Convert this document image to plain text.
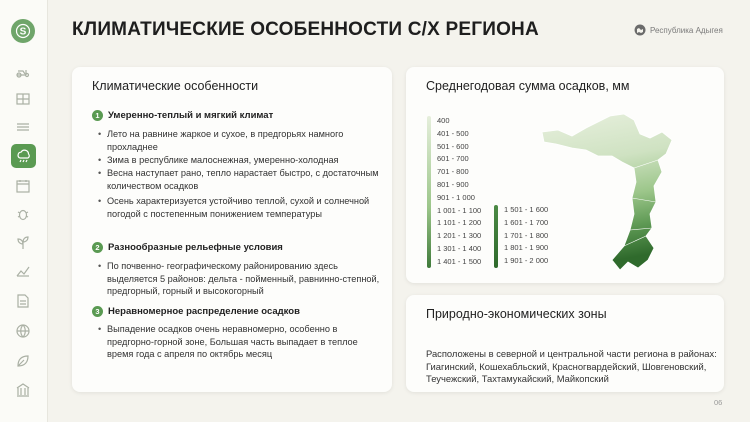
S КЛИМАТИЧЕСКИЕ ОСОБЕННОСТИ С/Х РЕГИОНА	Республика Адыгея
Климатические особенности
1 Умеренно-теплый и мягкий климат
• Лето на равнине жаркое и сухое, в предгорьях намного прохладнее
• Зима в республике малоснежная, умеренно-холодная
• Весна наступает рано, тепло нарастает быстро, с достаточным количеством осадков
• Осень характеризуется устойчиво теплой, сухой и солнечной погодой с постепенным понижением температуры
2 Разнообразные рельефные условия
• По почвенно- географическому районированию здесь выделяется 5 районов: дельта - пойменный, равнинно-степной, предгорный, горный и высокогорный
3 Неравномерное распределение осадков
• Выпадение осадков очень неравномерно, особенно в предгорно-горной зоне, Большая часть выпадает в теплое время года с апреля по октябрь месяц
Среднегодовая сумма осадков, мм
400
401 - 500
501 - 600
601 - 700
701 - 800
801 - 900
901 - 1 000
1 001 - 1 100
1 101 - 1 200
1 201 - 1 300
1 301 - 1 400
1 401 - 1 500
1 501 - 1 600
1 601 - 1 700
1 701 - 1 800
1 801 - 1 900
1 901 - 2 000
Природно-экономических зоны
Расположены в северной и центральной части региона в районах: Гиагинский, Кошехабльский, Красногвардейский, Шовгеновский, Теучежский, Тахтамукайский, Майкопский
06
